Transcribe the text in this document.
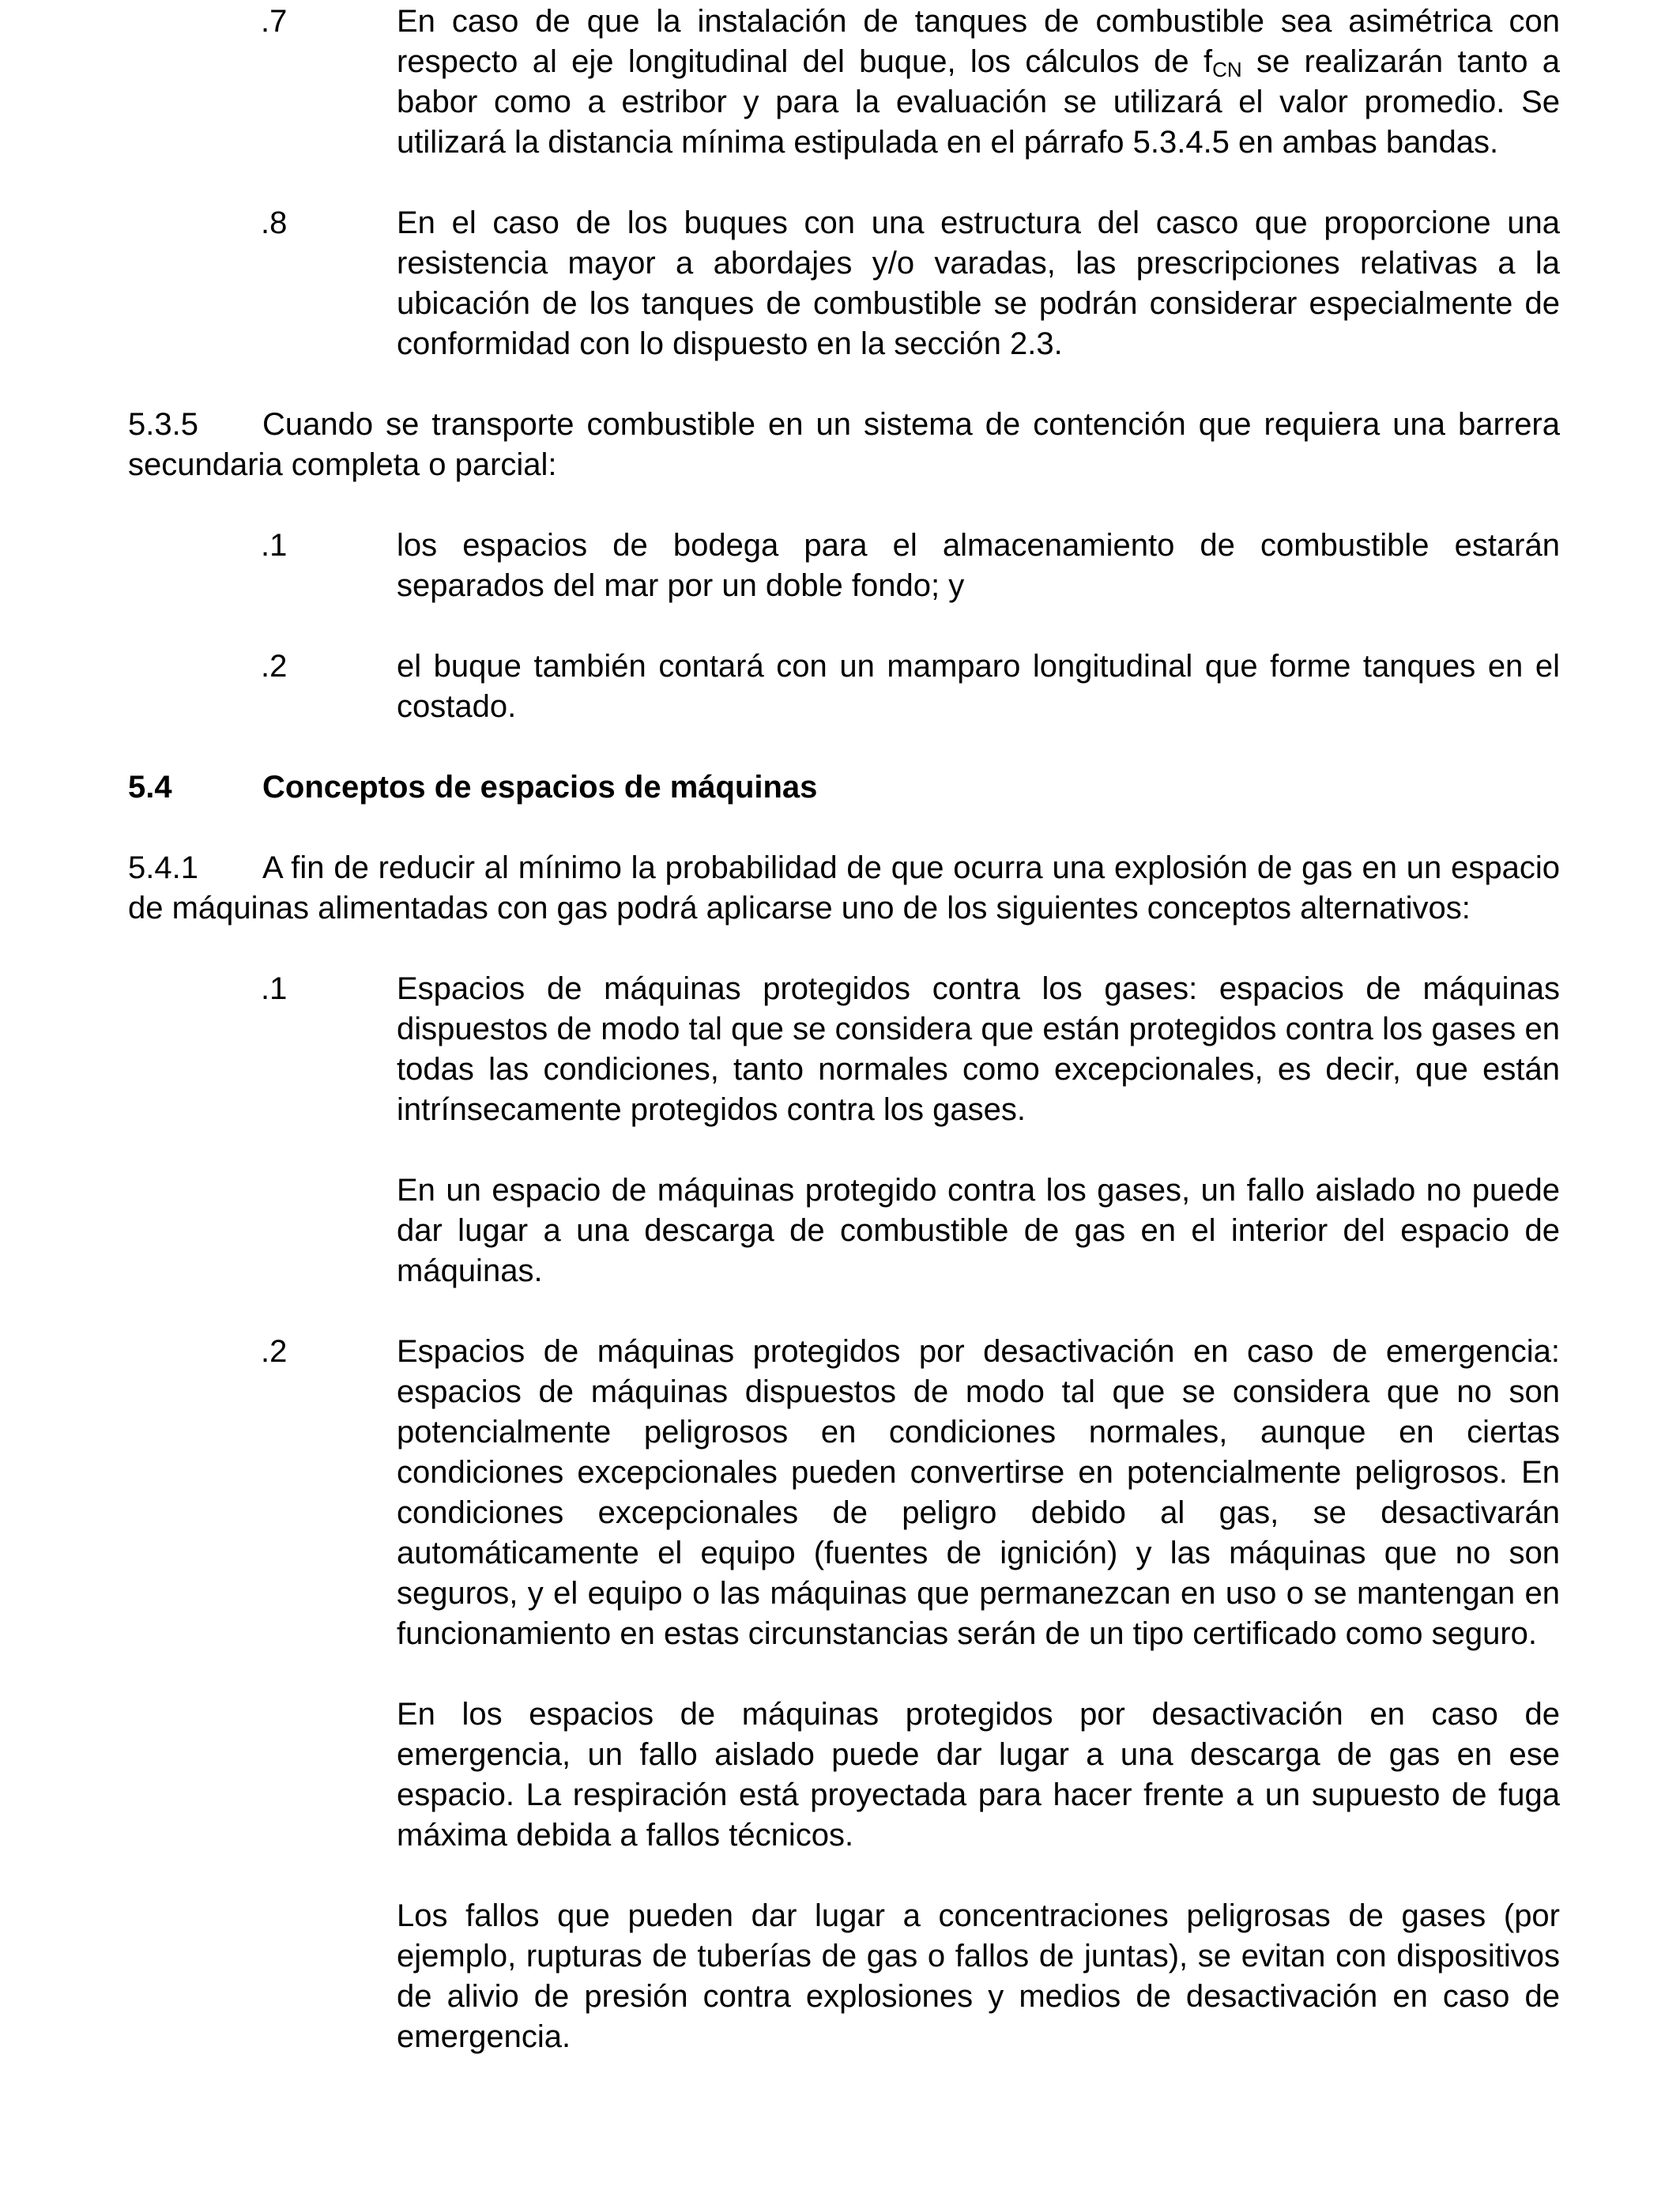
.7	En caso de que la instalación de tanques de combustible sea asimétrica con respecto al eje longitudinal del buque, los cálculos de $f_{CN}$ se realizarán tanto a babor como a estribor y para la evaluación se utilizará el valor promedio. Se utilizará la distancia mínima estipulada en el párrafo 5.3.4.5 en ambas bandas.
.8	En el caso de los buques con una estructura del casco que proporcione una resistencia mayor a abordajes y/o varadas, las prescripciones relativas a la ubicación de los tanques de combustible se podrán considerar especialmente de conformidad con lo dispuesto en la sección 2.3.

5.3.5 Cuando se transporte combustible en un sistema de contención que requiera una barrera secundaria completa o parcial:

.1	los espacios de bodega para el almacenamiento de combustible estarán separados del mar por un doble fondo; y
.2	el buque también contará con un mamparo longitudinal que forme tanques en el costado.

5.4	Conceptos de espacios de máquinas

5.4.1 A fin de reducir al mínimo la probabilidad de que ocurra una explosión de gas en un espacio de máquinas alimentadas con gas podrá aplicarse uno de los siguientes conceptos alternativos:

.1	Espacios de máquinas protegidos contra los gases: espacios de máquinas dispuestos de modo tal que se considera que están protegidos contra los gases en todas las condiciones, tanto normales como excepcionales, es decir, que están intrínsecamente protegidos contra los gases.

En un espacio de máquinas protegido contra los gases, un fallo aislado no puede dar lugar a una descarga de combustible de gas en el interior del espacio de máquinas.

.2	Espacios de máquinas protegidos por desactivación en caso de emergencia: espacios de máquinas dispuestos de modo tal que se considera que no son potencialmente peligrosos en condiciones normales, aunque en ciertas condiciones excepcionales pueden convertirse en potencialmente peligrosos. En condiciones excepcionales de peligro debido al gas, se desactivarán automáticamente el equipo (fuentes de ignición) y las máquinas que no son seguros, y el equipo o las máquinas que permanezcan en uso o se mantengan en funcionamiento en estas circunstancias serán de un tipo certificado como seguro.

En los espacios de máquinas protegidos por desactivación en caso de emergencia, un fallo aislado puede dar lugar a una descarga de gas en ese espacio. La respiración está proyectada para hacer frente a un supuesto de fuga máxima debida a fallos técnicos.

Los fallos que pueden dar lugar a concentraciones peligrosas de gases (por ejemplo, rupturas de tuberías de gas o fallos de juntas), se evitan con dispositivos de alivio de presión contra explosiones y medios de desactivación en caso de emergencia.
